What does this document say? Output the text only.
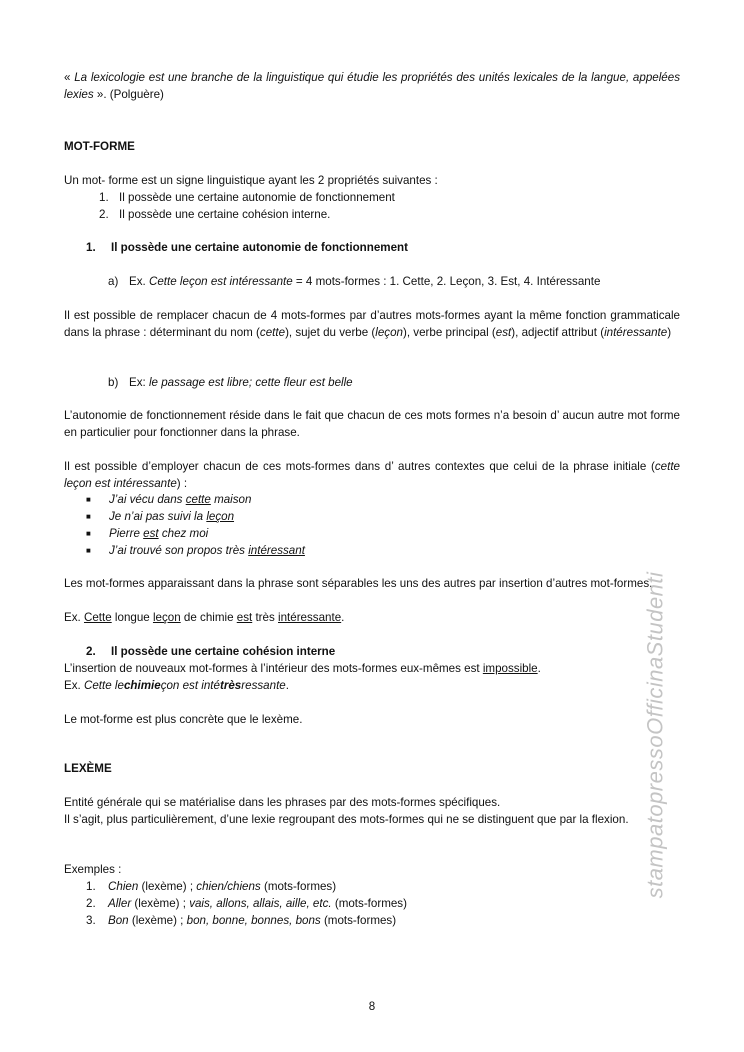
« La lexicologie est une branche de la linguistique qui étudie les propriétés des unités lexicales de la langue, appelées lexies ». (Polguère)

MOT-FORME

Un mot- forme est un signe linguistique ayant les 2 propriétés suivantes :

1. Il possède une certaine autonomie de fonctionnement

2. Il possède une certaine cohésion interne.

1. Il possède une certaine autonomie de fonctionnement

a) Ex. Cette leçon est intéressante = 4 mots-formes : 1. Cette, 2. Leçon, 3. Est, 4. Intéressante

Il est possible de remplacer chacun de 4 mots-formes par d’autres mots-formes ayant la même fonction grammaticale dans la phrase : déterminant du nom (cette), sujet du verbe (leçon), verbe principal (est), adjectif attribut (intéressante)

b) Ex: le passage est libre; cette fleur est belle

L’autonomie de fonctionnement réside dans le fait que chacun de ces mots formes n’a besoin d’ aucun autre mot forme en particulier pour fonctionner dans la phrase.

Il est possible d’employer chacun de ces mots-formes dans d’ autres contextes que celui de la phrase initiale (cette leçon est intéressante) :

■ J’ai vécu dans cette maison

■ Je n’ai pas suivi la leçon

■ Pierre est chez moi

■ J’ai trouvé son propos très intéressant

Les mot-formes apparaissant dans la phrase sont séparables les uns des autres par insertion d’autres mot-formes.

Ex. Cette longue leçon de chimie est très intéressante.

2. Il possède une certaine cohésion interne

L’insertion de nouveaux mot-formes à l’intérieur des mots-formes eux-mêmes est impossible.

Ex. Cette lechimieçon est intétrèsressante.

Le mot-forme est plus concrète que le lexème.

LEXÈME

Entité générale qui se matérialise dans les phrases par des mots-formes spécifiques.

Il s’agit, plus particulièrement, d’une lexie regroupant des mots-formes qui ne se distinguent que par la flexion.

Exemples :

1. Chien (lexème) ; chien/chiens (mots-formes)

2. Aller (lexème) ; vais, allons, allais, aille, etc. (mots-formes)

3. Bon (lexème) ; bon, bonne, bonnes, bons (mots-formes)

stampatopressoOfficinaStudenti
8
